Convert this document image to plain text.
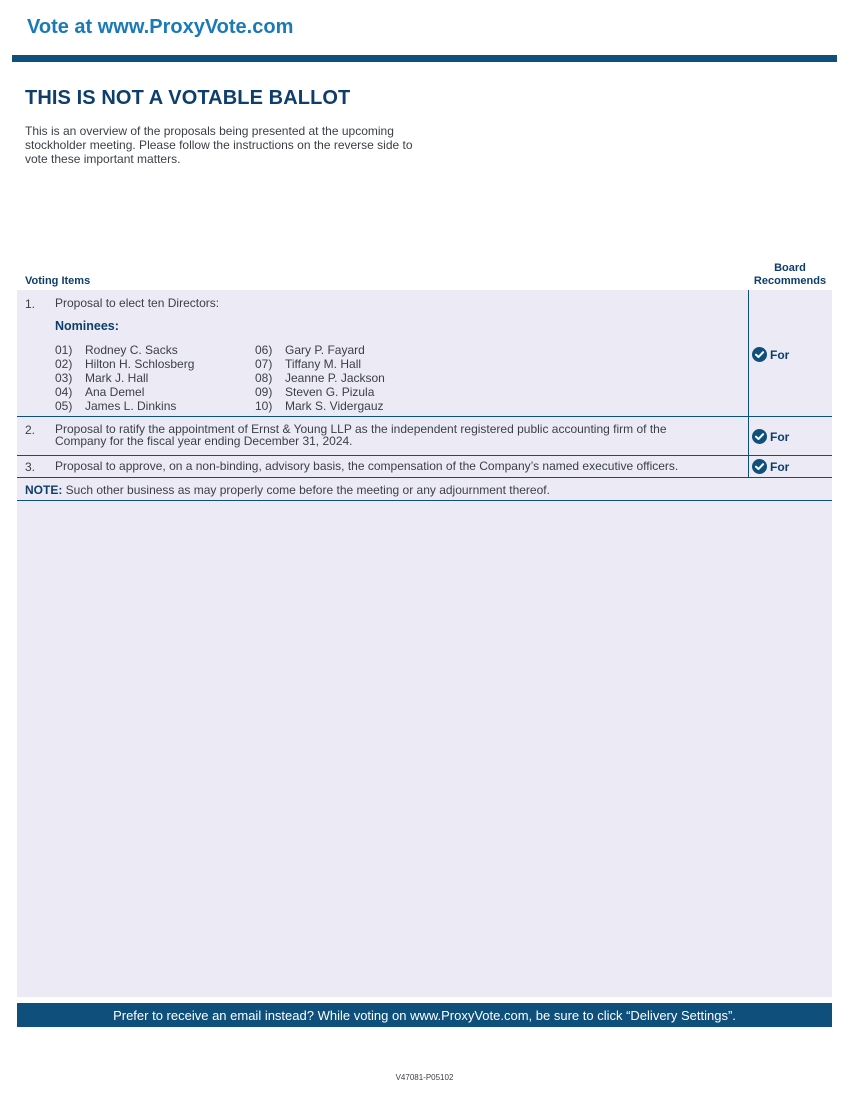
Vote at www.ProxyVote.com
THIS IS NOT A VOTABLE BALLOT
This is an overview of the proposals being presented at the upcoming stockholder meeting. Please follow the instructions on the reverse side to vote these important matters.
Voting Items
Board
Recommends
1. Proposal to elect ten Directors:
Nominees:
01) Rodney C. Sacks
02) Hilton H. Schlosberg
03) Mark J. Hall
04) Ana Demel
05) James L. Dinkins
06) Gary P. Fayard
07) Tiffany M. Hall
08) Jeanne P. Jackson
09) Steven G. Pizula
10) Mark S. Vidergauz
For
2. Proposal to ratify the appointment of Ernst & Young LLP as the independent registered public accounting firm of the
Company for the fiscal year ending December 31, 2024.	For
3. Proposal to approve, on a non-binding, advisory basis, the compensation of the Company’s named executive officers.	For
NOTE: Such other business as may properly come before the meeting or any adjournment thereof.
Prefer to receive an email instead? While voting on www.ProxyVote.com, be sure to click “Delivery Settings”.
V47081-P05102
